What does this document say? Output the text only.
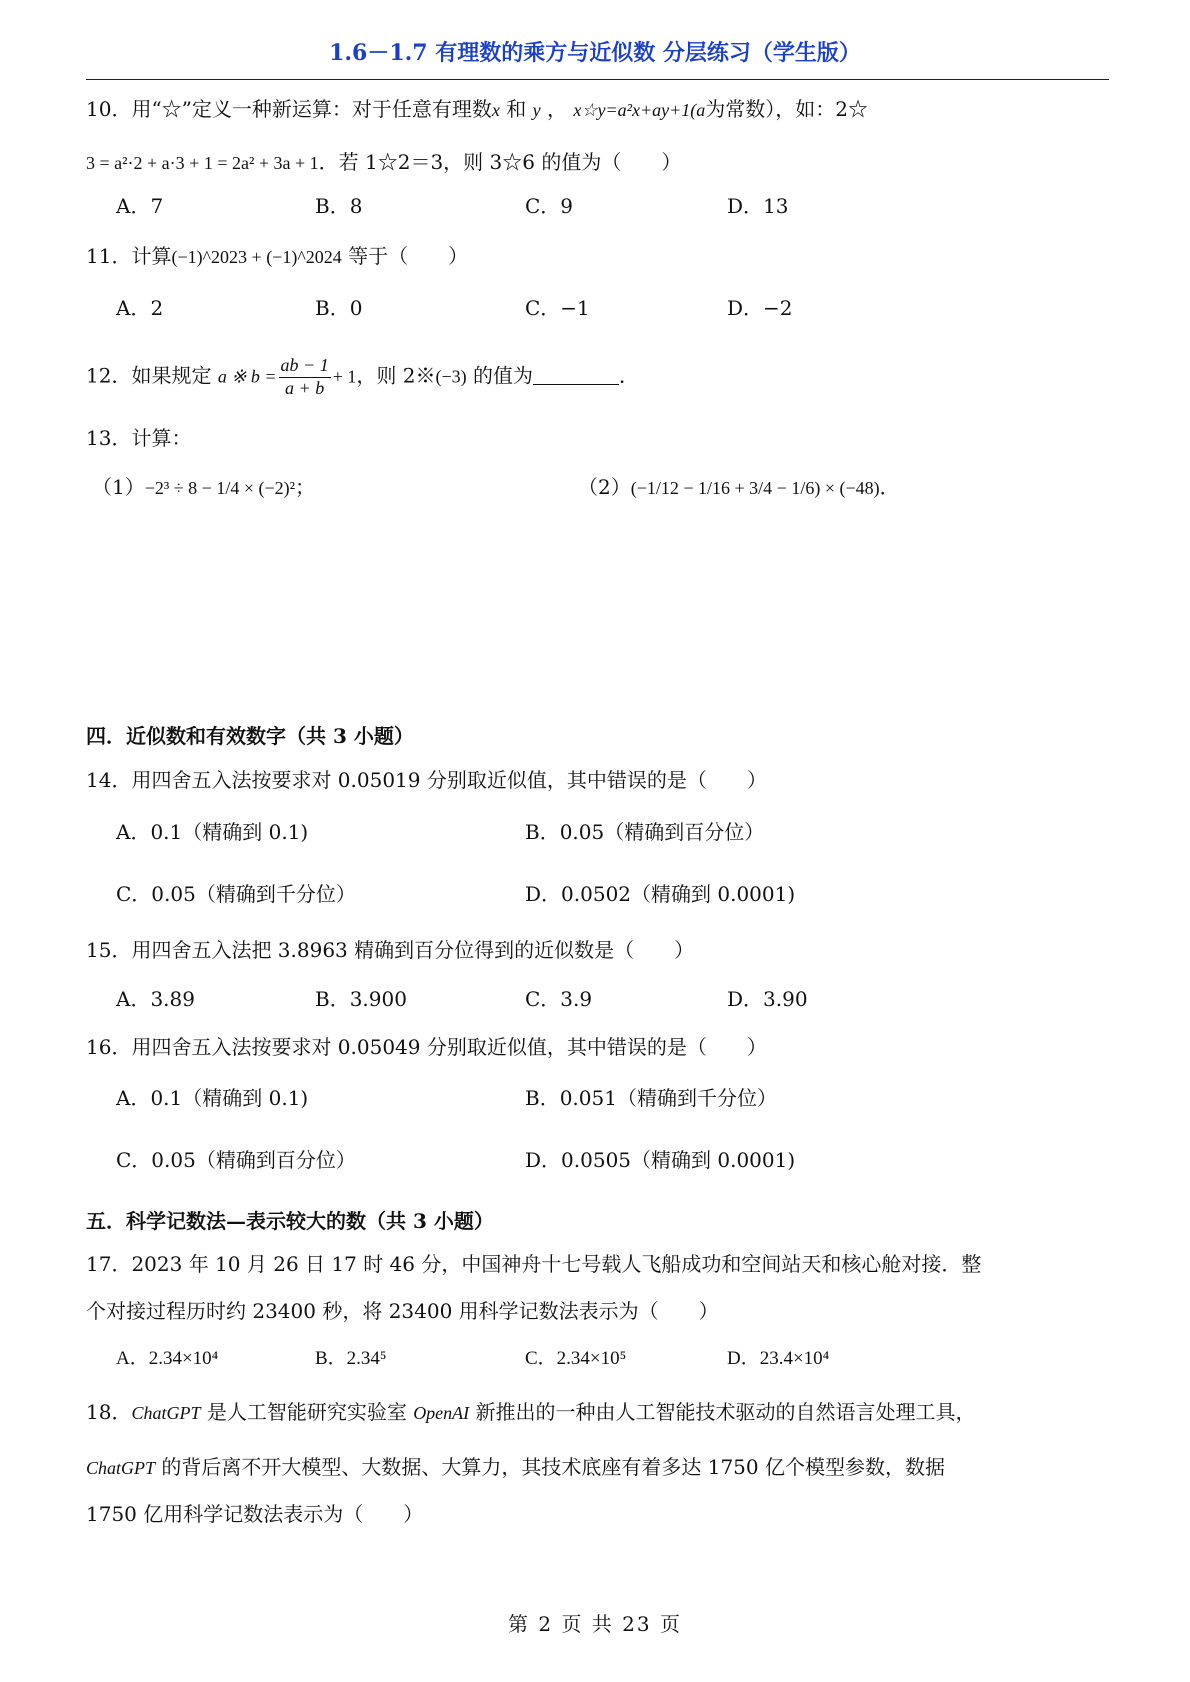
1.6－1.7 有理数的乘方与近似数 分层练习（学生版）
10．用“☆”定义一种新运算：对于任意有理数x 和 y ， x☆y=a²x+ay+1(a为常数），如：2☆
3 = a²·2 + a·3 + 1 = 2a² + 3a + 1．若 1☆2＝3，则 3☆6 的值为（　　）
A．7	B．8	C．9	D．13
11．计算(−1)^2023 + (−1)^2024 等于（　　）
A．2	B．0	C．−1	D．−2
12．如果规定 a ※ $b = \frac{ab - 1}{a + b} + 1$，则 2※(−3) 的值为	．
13．计算：
（1）−2³ ÷ 8 − 1/4 × (−2)²；	（2）(−1/12 − 1/16 + 3/4 − 1/6) × (−48)．
四．近似数和有效数字（共 3 小题）
14．用四舍五入法按要求对 0.05019 分别取近似值，其中错误的是（　　）
A．0.1（精确到 0.1)	B．0.05（精确到百分位）
C．0.05（精确到千分位）	D．0.0502（精确到 0.0001)
15．用四舍五入法把 3.8963 精确到百分位得到的近似数是（　　）
A．3.89	B．3.900	C．3.9	D．3.90
16．用四舍五入法按要求对 0.05049 分别取近似值，其中错误的是（　　）
A．0.1（精确到 0.1)	B．0.051（精确到千分位）
C．0.05（精确到百分位）	D．0.0505（精确到 0.0001)
五．科学记数法—表示较大的数（共 3 小题）
17．2023 年 10 月 26 日 17 时 46 分，中国神舟十七号载人飞船成功和空间站天和核心舱对接．整
个对接过程历时约 23400 秒，将 23400 用科学记数法表示为（　　）
A．2.34×10⁴	B．2.34⁵	C．2.34×10⁵	D．23.4×10⁴
18．ChatGPT 是人工智能研究实验室 OpenAI 新推出的一种由人工智能技术驱动的自然语言处理工具，
ChatGPT 的背后离不开大模型、大数据、大算力，其技术底座有着多达 1750 亿个模型参数，数据
1750 亿用科学记数法表示为（　　）
第 2 页 共 23 页
